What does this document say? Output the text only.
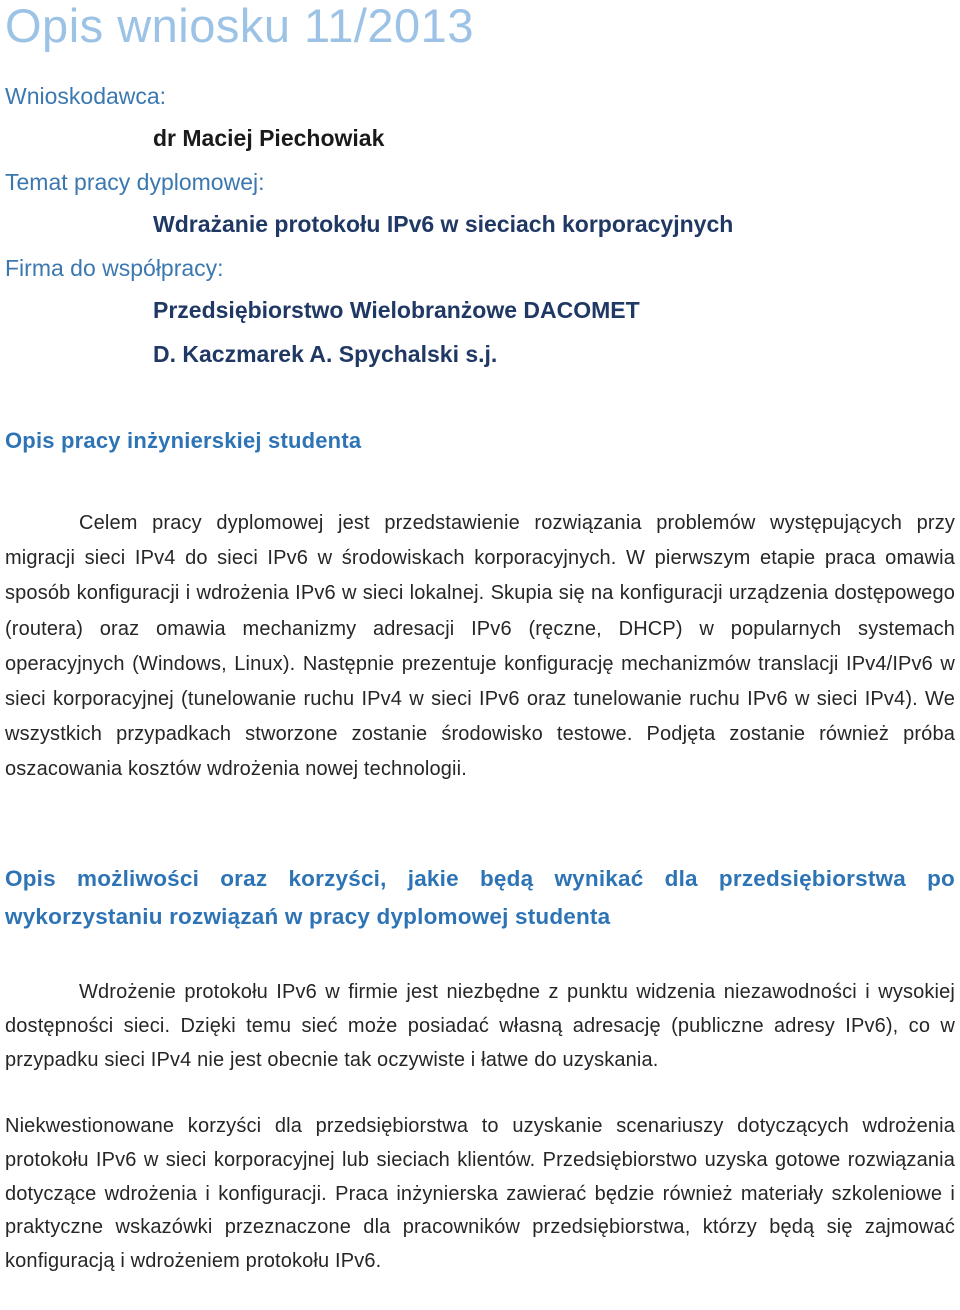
Opis wniosku 11/2013

Wnioskodawca:

dr Maciej Piechowiak

Temat pracy dyplomowej:

Wdrażanie protokołu IPv6 w sieciach korporacyjnych

Firma do współpracy:

Przedsiębiorstwo Wielobranżowe DACOMET

D. Kaczmarek A. Spychalski s.j.

Opis pracy inżynierskiej studenta

Celem pracy dyplomowej jest przedstawienie rozwiązania problemów występujących przy migracji sieci IPv4 do sieci IPv6 w środowiskach korporacyjnych. W pierwszym etapie praca omawia sposób konfiguracji i wdrożenia IPv6 w sieci lokalnej. Skupia się na konfiguracji urządzenia dostępowego (routera) oraz omawia mechanizmy adresacji IPv6 (ręczne, DHCP) w popularnych systemach operacyjnych (Windows, Linux). Następnie prezentuje konfigurację mechanizmów translacji IPv4/IPv6 w sieci korporacyjnej (tunelowanie ruchu IPv4 w sieci IPv6 oraz tunelowanie ruchu IPv6 w sieci IPv4). We wszystkich przypadkach stworzone zostanie środowisko testowe. Podjęta zostanie również próba oszacowania kosztów wdrożenia nowej technologii.

Opis możliwości oraz korzyści, jakie będą wynikać dla przedsiębiorstwa po wykorzystaniu rozwiązań w pracy dyplomowej studenta

Wdrożenie protokołu IPv6 w firmie jest niezbędne z punktu widzenia niezawodności i wysokiej dostępności sieci. Dzięki temu sieć może posiadać własną adresację (publiczne adresy IPv6), co w przypadku sieci IPv4 nie jest obecnie tak oczywiste i łatwe do uzyskania.

Niekwestionowane korzyści dla przedsiębiorstwa to uzyskanie scenariuszy dotyczących wdrożenia protokołu IPv6 w sieci korporacyjnej lub sieciach klientów. Przedsiębiorstwo uzyska gotowe rozwiązania dotyczące wdrożenia i konfiguracji. Praca inżynierska zawierać będzie również materiały szkoleniowe i praktyczne wskazówki przeznaczone dla pracowników przedsiębiorstwa, którzy będą się zajmować konfiguracją i wdrożeniem protokołu IPv6.
